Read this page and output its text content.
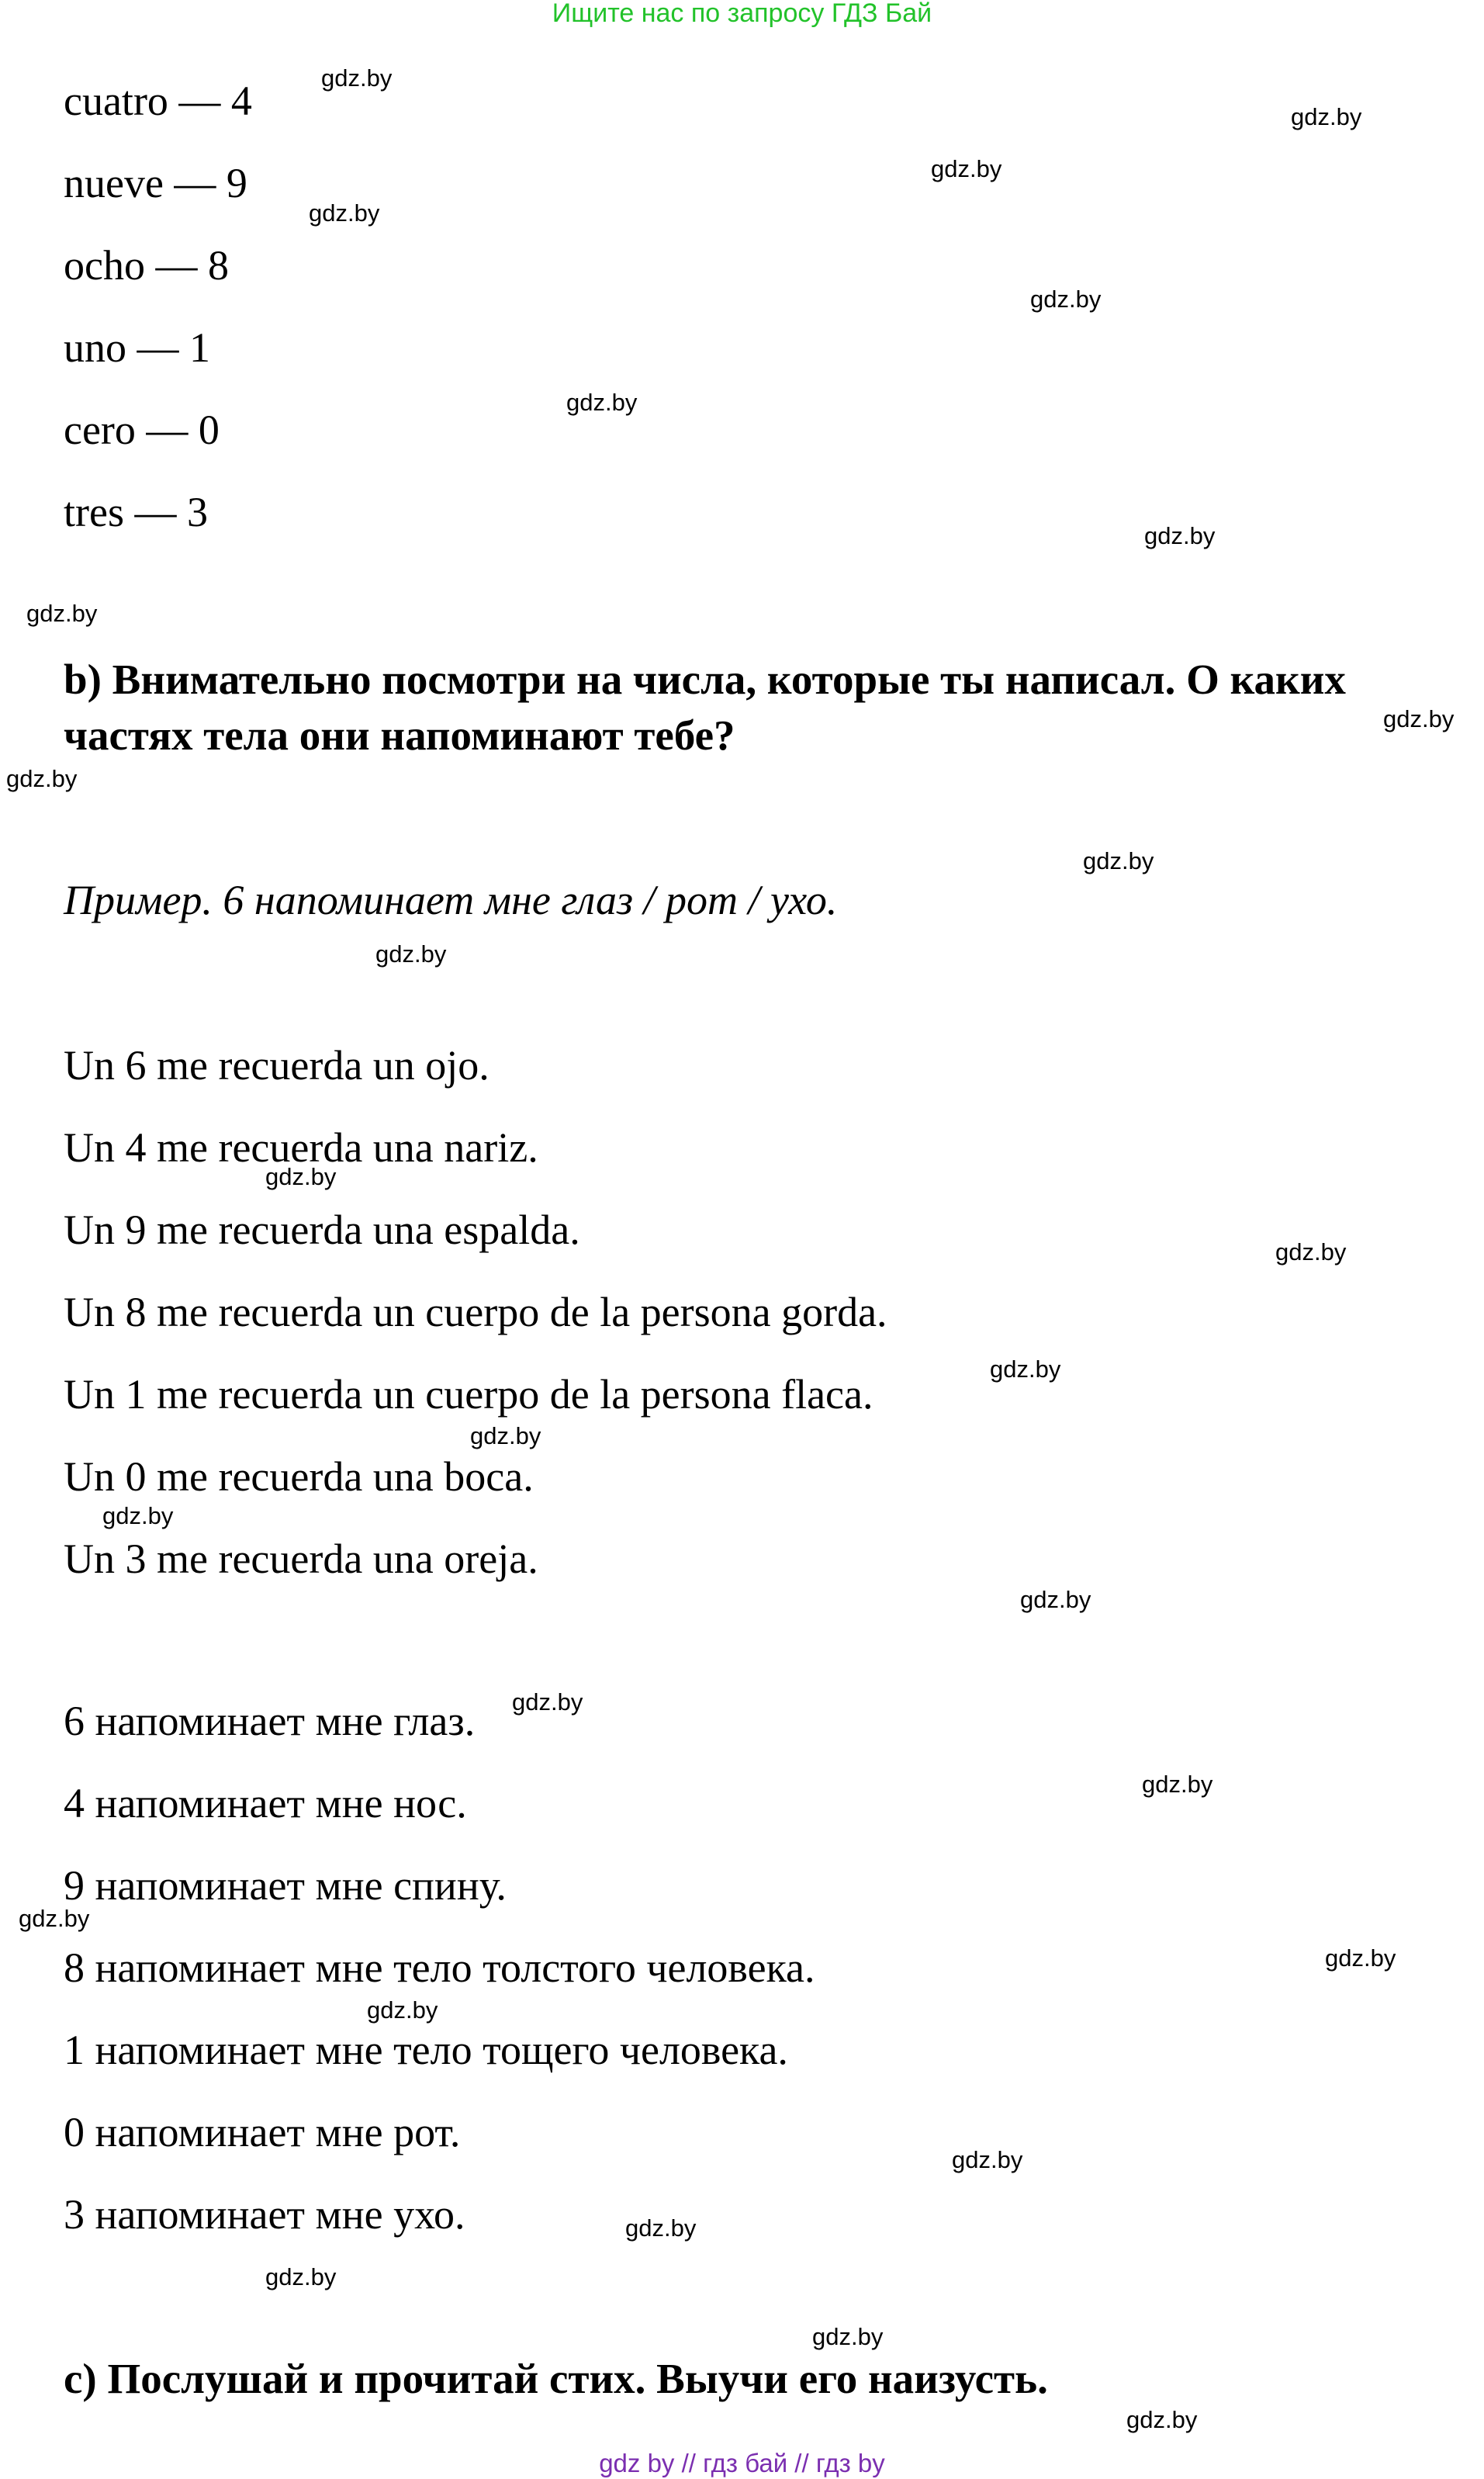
Ищите нас по запросу ГДЗ Бай
cuatro — 4
nueve — 9
ocho — 8
uno — 1
cero — 0
tres — 3
b) Внимательно посмотри на числа, которые ты написал. О каких частях тела они напоминают тебе?
Пример. 6 напоминает мне глаз / рот / ухо.
Un 6 me recuerda un ojo.
Un 4 me recuerda una nariz.
Un 9 me recuerda una espalda.
Un 8 me recuerda un cuerpo de la persona gorda.
Un 1 me recuerda un cuerpo de la persona flaca.
Un 0 me recuerda una boca.
Un 3 me recuerda una oreja.
6 напоминает мне глаз.
4 напоминает мне нос.
9 напоминает мне спину.
8 напоминает мне тело толстого человека.
1 напоминает мне тело тощего человека.
0 напоминает мне рот.
3 напоминает мне ухо.
c) Послушай и прочитай стих. Выучи его наизусть.
gdz.by
gdz.by
gdz.by
gdz.by
gdz.by
gdz.by
gdz.by
gdz.by
gdz.by
gdz.by
gdz.by
gdz.by
gdz.by
gdz.by
gdz.by
gdz.by
gdz.by
gdz.by
gdz.by
gdz.by
gdz.by
gdz.by
gdz.by
gdz.by
gdz.by
gdz.by
gdz.by
gdz.by
gdz by // гдз бай // гдз by
